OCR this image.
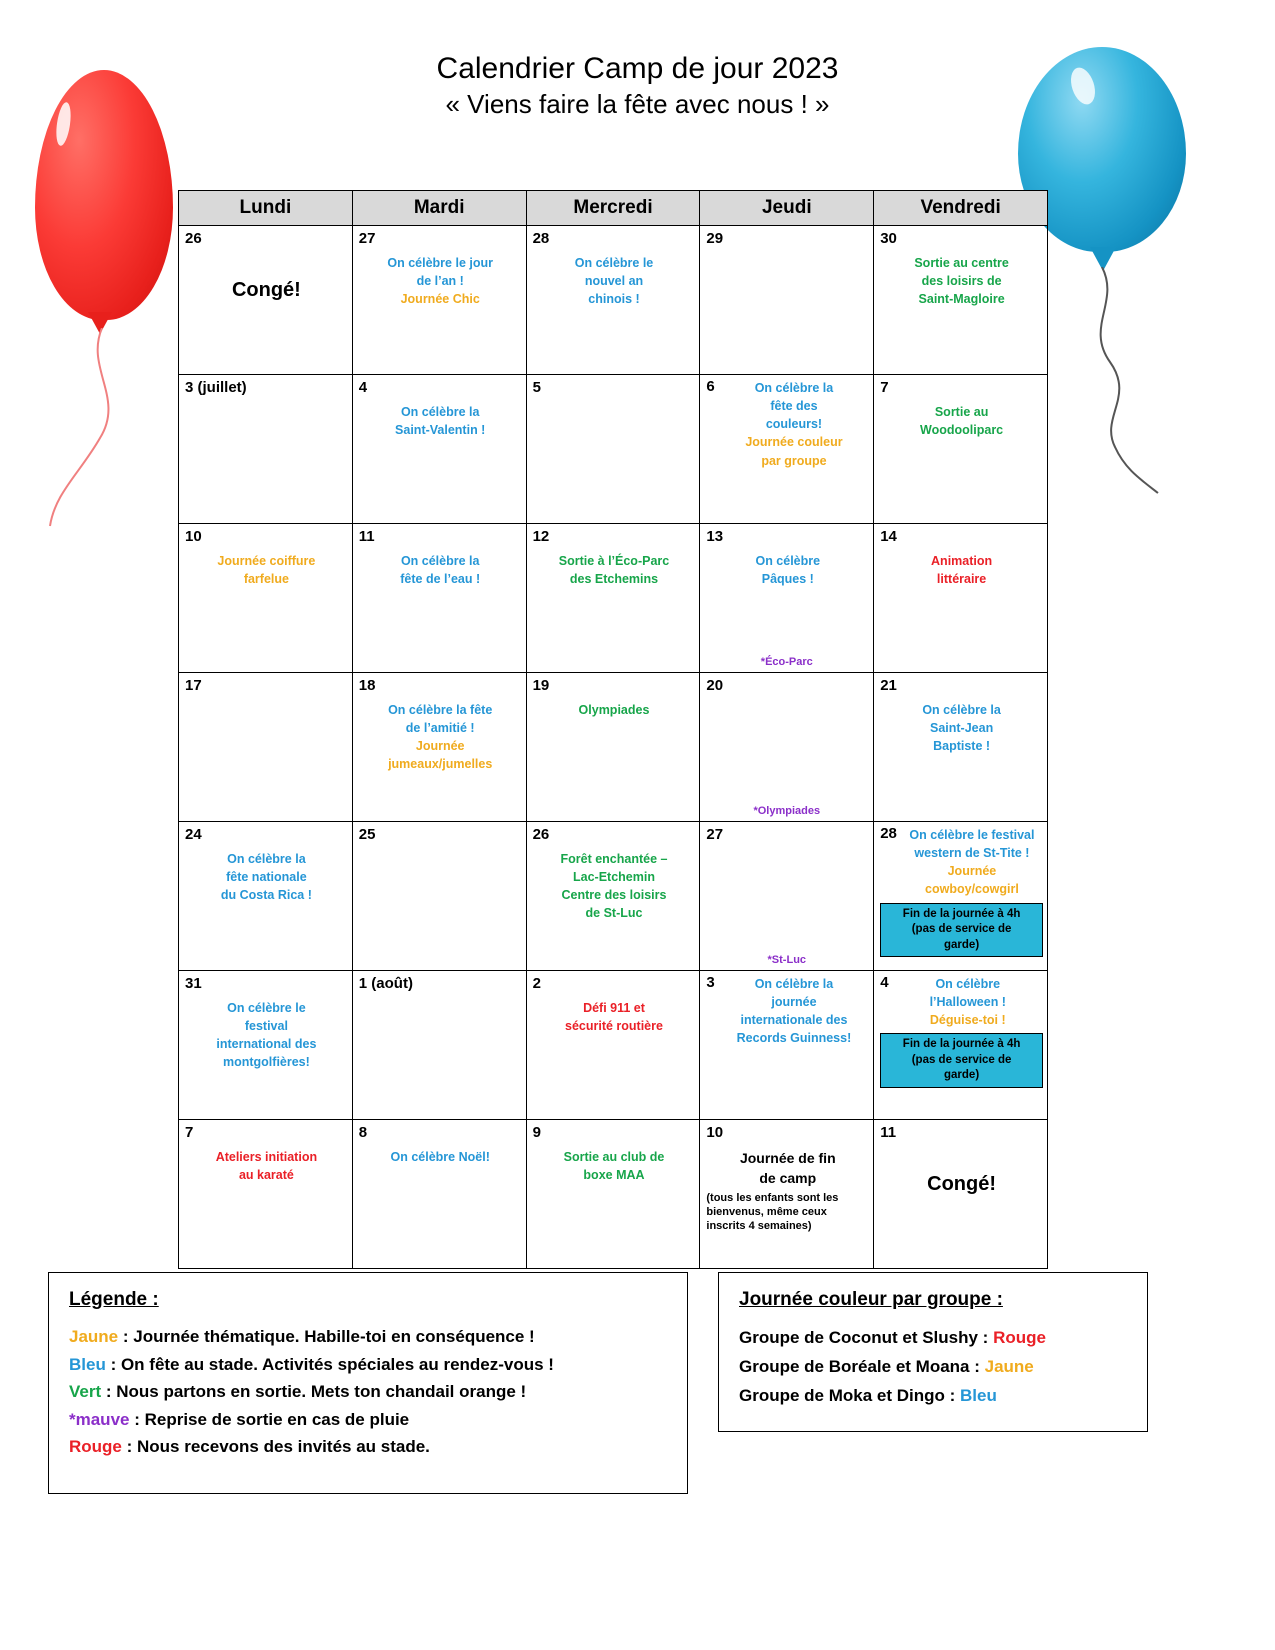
Calendrier Camp de jour 2023
« Viens faire la fête avec nous ! »
Lundi	Mardi	Mercredi	Jeudi	Vendredi
26
Congé!
	27
On célèbre le jour
de l’an !
Journée Chic
	28
On célèbre le
nouvel an
chinois !
	29	30
Sortie au centre
des loisirs de
Saint-Magloire

3 (juillet)	4
On célèbre la
Saint-Valentin !
	5	6	On célèbre la
fête des
couleurs!
Journée couleur
par groupe
	7
Sortie au
Woodooliparc

10
Journée coiffure
farfelue
	11
On célèbre la
fête de l’eau !
	12
Sortie à l’Éco-Parc
des Etchemins
	13
On célèbre
Pâques !
*Éco-Parc
	14
Animation
littéraire

17	18
On célèbre la fête
de l’amitié !
Journée
jumeaux/jumelles
	19
Olympiades
	20
*Olympiades
	21
On célèbre la
Saint-Jean
Baptiste !

24
On célèbre la
fête nationale
du Costa Rica !
	25	26
Forêt enchantée –
Lac-Etchemin
Centre des loisirs
de St-Luc
	27
*St-Luc

28	On célèbre le festival
western de St-Tite !
Journée
cowboy/cowgirl
Fin de la journée à 4h
(pas de service de
garde)

31
On célèbre le
festival
international des
montgolfières!
	1 (août)	2
Défi 911 et
sécurité routière

3	On célèbre la
journée
internationale des
Records Guinness!

4	On célèbre
l’Halloween !
Déguise-toi !
Fin de la journée à 4h
(pas de service de
garde)

7
Ateliers initiation
au karaté
	8
On célèbre Noël!
	9
Sortie au club de
boxe MAA
	10
Journée de fin
de camp
(tous les enfants sont les
bienvenus, même ceux
inscrits 4 semaines)
	11
Congé!
Légende :
Jaune : Journée thématique. Habille-toi en conséquence !
Bleu : On fête au stade. Activités spéciales au rendez-vous !
Vert : Nous partons en sortie. Mets ton chandail orange !
*mauve : Reprise de sortie en cas de pluie
Rouge : Nous recevons des invités au stade.
Journée couleur par groupe :
Groupe de Coconut et Slushy : Rouge
Groupe de Boréale et Moana : Jaune
Groupe de Moka et Dingo : Bleu
